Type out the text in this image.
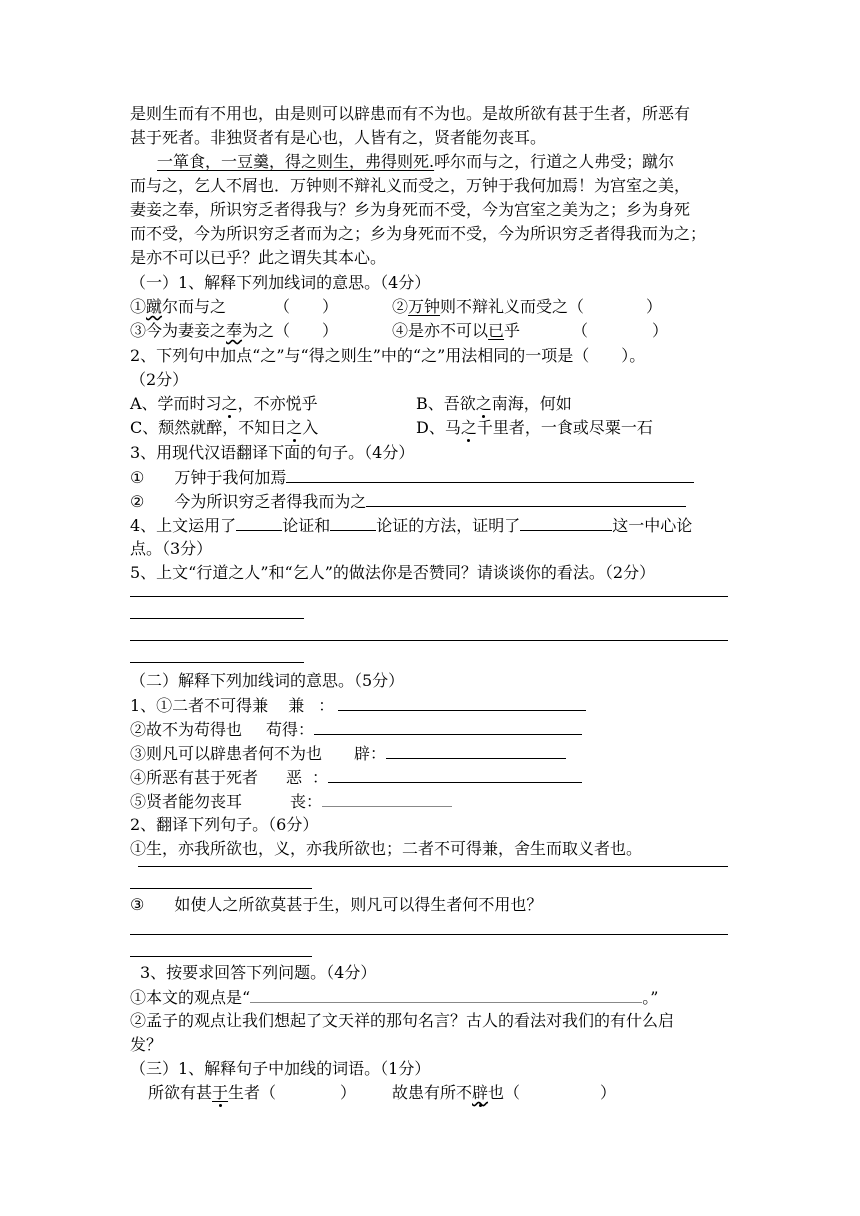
是则生而有不用也，由是则可以辟患而有不为也。是故所欲有甚于生者，所恶有
甚于死者。非独贤者有是心也，人皆有之，贤者能勿丧耳。
一箪食，一豆羹，得之则生，弗得则死.呼尔而与之，行道之人弗受；蹴尔
而与之，乞人不屑也．万钟则不辩礼义而受之，万钟于我何加焉！为宫室之美，
妻妾之奉，所识穷乏者得我与？乡为身死而不受，今为宫室之美为之；乡为身死
而不受，今为所识穷乏者而为之；乡为身死而不受，今为所识穷乏者得我而为之；
是亦不可以已乎？此之谓失其本心。
（一）1、解释下列加线词的意思。（4分）
①蹴尔而与之	（　　）	②万钟则不辩礼义而受之（	）
③今为妻妾之奉为之（　　）	④是亦不可以已乎	（　　　　）
2、下列句中加点“之”与“得之则生”中的“之”用法相同的一项是（　　）。
（2分）
A、学而时习之，不亦悦乎	B、吾欲之南海，何如
C、颓然就醉，不知日之入	D、马之千里者，一食或尽粟一石
3、用现代汉语翻译下面的句子。（4分）
① 万钟于我何加焉
② 今为所识穷乏者得我而为之
4、上文运用了	论证和	论证的方法，证明了	这一中心论
点。（3分）
5、上文“行道之人”和“乞人”的做法你是否赞同？请谈谈你的看法。（2分）
（二）解释下列加线词的意思。（5分）
1、①二者不可得兼 兼 ：
②故不为苟得也 苟得：
③则凡可以辟患者何不为也 辟：
④所恶有甚于死者 恶 ：
⑤贤者能勿丧耳	丧：
2、翻译下列句子。（6分）
①生，亦我所欲也，义，亦我所欲也；二者不可得兼，舍生而取义者也。
③ 如使人之所欲莫甚于生，则凡可以得生者何不用也？
3、按要求回答下列问题。（4分）
①本文的观点是“	。”
②孟子的观点让我们想起了文天祥的那句名言？古人的看法对我们的有什么启
发？
（三）1、解释句子中加线的词语。（1分）
所欲有甚于生者（　　　　） 故患有所不辟也（　　　　　）
